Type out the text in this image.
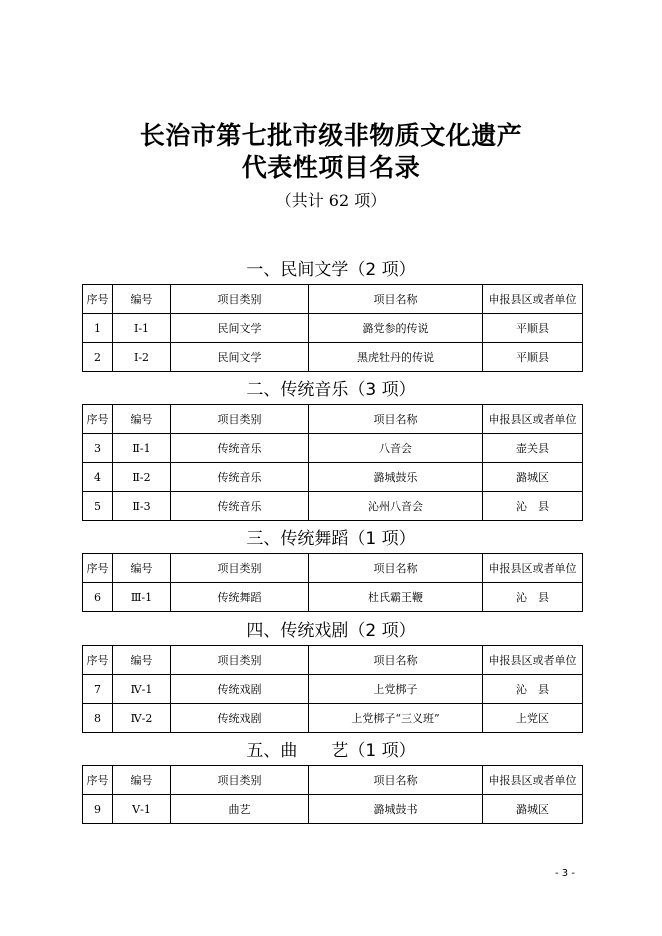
长治市第七批市级非物质文化遗产
代表性项目名录
（共计 62 项）
一、民间文学（2 项）
序号	编号	项目类别	项目名称	申报县区或者单位
1	Ⅰ-1	民间文学	潞党参的传说	平顺县
2	Ⅰ-2	民间文学	黑虎牡丹的传说	平顺县
二、传统音乐（3 项）
序号	编号	项目类别	项目名称	申报县区或者单位
3	Ⅱ-1	传统音乐	八音会	壶关县
4	Ⅱ-2	传统音乐	潞城鼓乐	潞城区
5	Ⅱ-3	传统音乐	沁州八音会	沁　县
三、传统舞蹈（1 项）
序号	编号	项目类别	项目名称	申报县区或者单位
6	Ⅲ-1	传统舞蹈	杜氏霸王鞭	沁　县
四、传统戏剧（2 项）
序号	编号	项目类别	项目名称	申报县区或者单位
7	Ⅳ-1	传统戏剧	上党梆子	沁　县
8	Ⅳ-2	传统戏剧	上党梆子“三义班”	上党区
五、曲　　艺（1 项）
序号	编号	项目类别	项目名称	申报县区或者单位
9	Ⅴ-1	曲艺	潞城鼓书	潞城区
- 3 -
